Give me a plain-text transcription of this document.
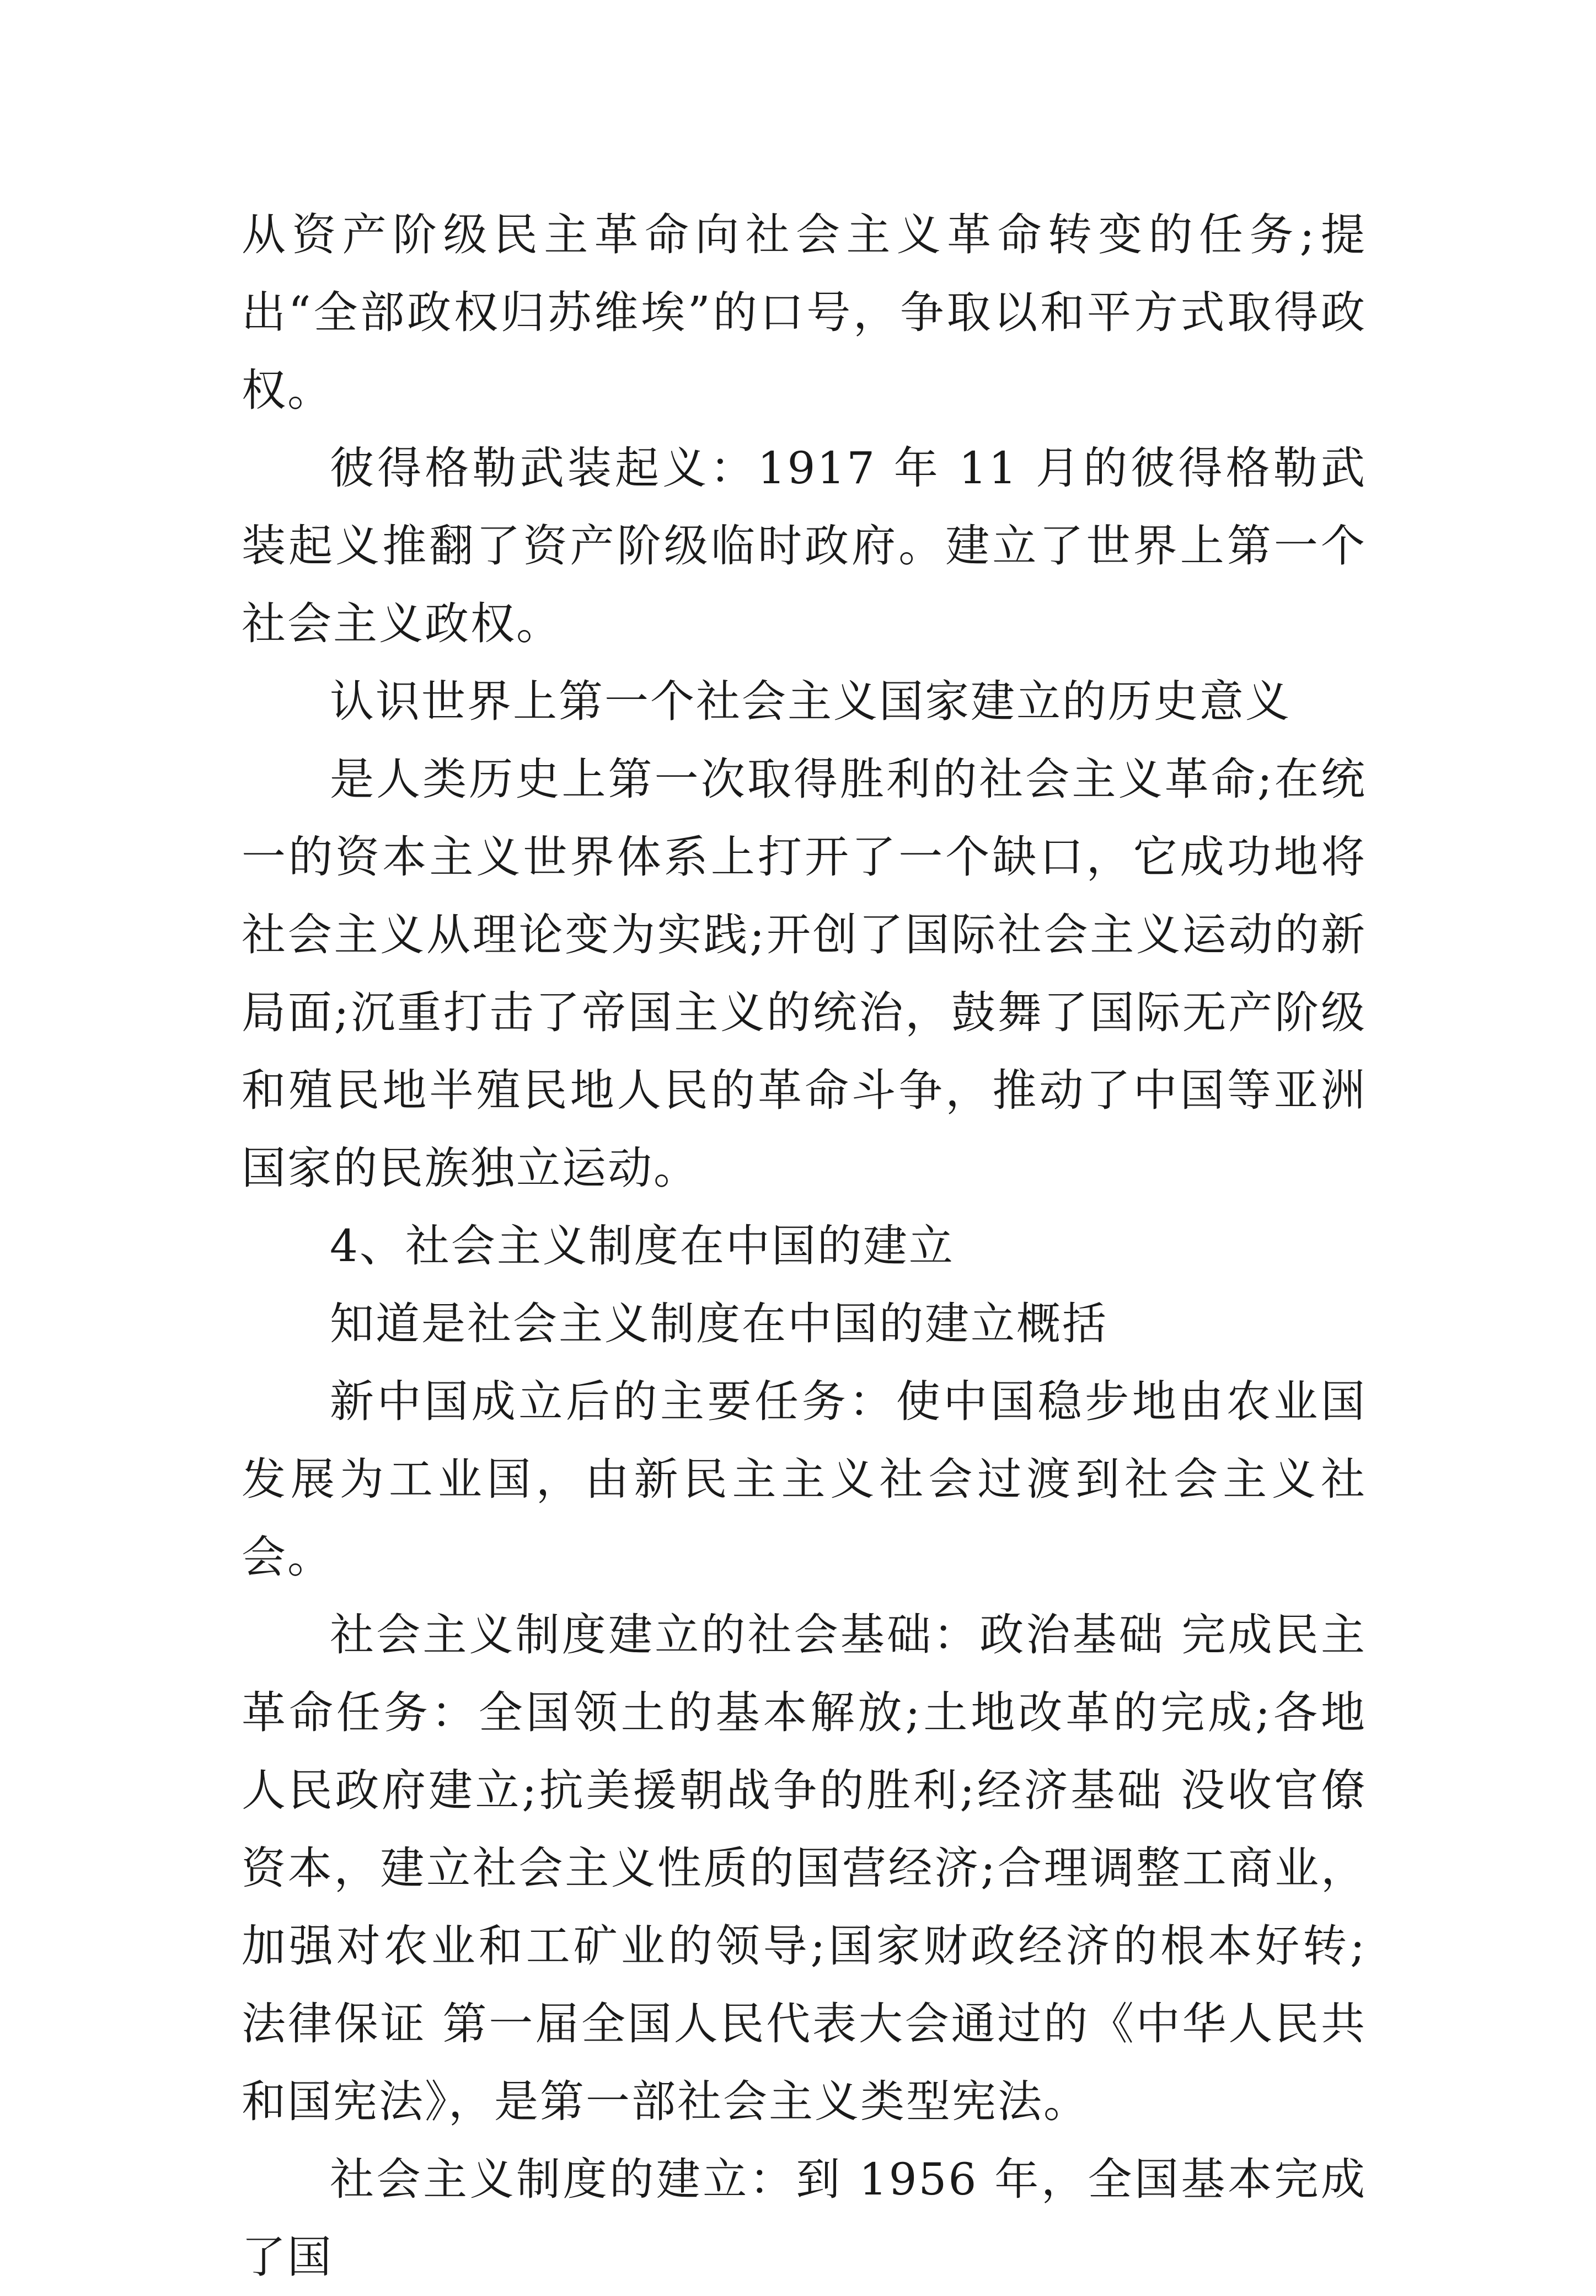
从资产阶级民主革命向社会主义革命转变的任务;提出“全部政权归苏维埃”的口号，争取以和平方式取得政权。

彼得格勒武装起义：1917 年 11 月的彼得格勒武装起义推翻了资产阶级临时政府。建立了世界上第一个社会主义政权。

认识世界上第一个社会主义国家建立的历史意义

是人类历史上第一次取得胜利的社会主义革命;在统一的资本主义世界体系上打开了一个缺口，它成功地将社会主义从理论变为实践;开创了国际社会主义运动的新局面;沉重打击了帝国主义的统治，鼓舞了国际无产阶级和殖民地半殖民地人民的革命斗争，推动了中国等亚洲国家的民族独立运动。

4、社会主义制度在中国的建立

知道是社会主义制度在中国的建立概括

新中国成立后的主要任务：使中国稳步地由农业国发展为工业国，由新民主主义社会过渡到社会主义社会。

社会主义制度建立的社会基础：政治基础 完成民主革命任务：全国领土的基本解放;土地改革的完成;各地人民政府建立;抗美援朝战争的胜利;经济基础 没收官僚资本，建立社会主义性质的国营经济;合理调整工商业，加强对农业和工矿业的领导;国家财政经济的根本好转;法律保证 第一届全国人民代表大会通过的《中华人民共和国宪法》，是第一部社会主义类型宪法。

社会主义制度的建立：到 1956 年，全国基本完成了国
